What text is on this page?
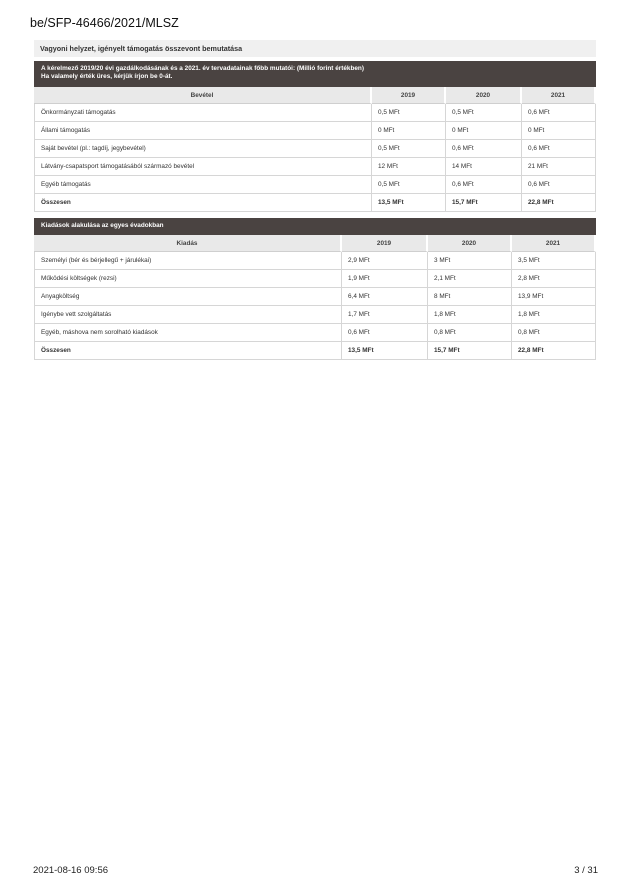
be/SFP-46466/2021/MLSZ
Vagyoni helyzet, igényelt támogatás összevont bemutatása
A kérelmező 2019/20 évi gazdálkodásának és a 2021. év tervadatainak főbb mutatói: (Millió forint értékben)
Ha valamely érték üres, kérjük írjon be 0-át.
Bevétel	2019	2020	2021
Önkormányzati támogatás	0,5 MFt	0,5 MFt	0,6 MFt
Állami támogatás	0 MFt	0 MFt	0 MFt
Saját bevétel (pl.: tagdíj, jegybevétel)	0,5 MFt	0,6 MFt	0,6 MFt
Látvány-csapatsport támogatásából származó bevétel	12 MFt	14 MFt	21 MFt
Egyéb támogatás	0,5 MFt	0,6 MFt	0,6 MFt
Összesen	13,5 MFt	15,7 MFt	22,8 MFt
Kiadások alakulása az egyes évadokban
Kiadás	2019	2020	2021
Személyi (bér és bérjellegű + járulékai)	2,9 MFt	3 MFt	3,5 MFt
Működési költségek (rezsi)	1,9 MFt	2,1 MFt	2,8 MFt
Anyagköltség	6,4 MFt	8 MFt	13,9 MFt
Igénybe vett szolgáltatás	1,7 MFt	1,8 MFt	1,8 MFt
Egyéb, máshova nem sorolható kiadások	0,6 MFt	0,8 MFt	0,8 MFt
Összesen	13,5 MFt	15,7 MFt	22,8 MFt
2021-08-16 09:56	3 / 31
